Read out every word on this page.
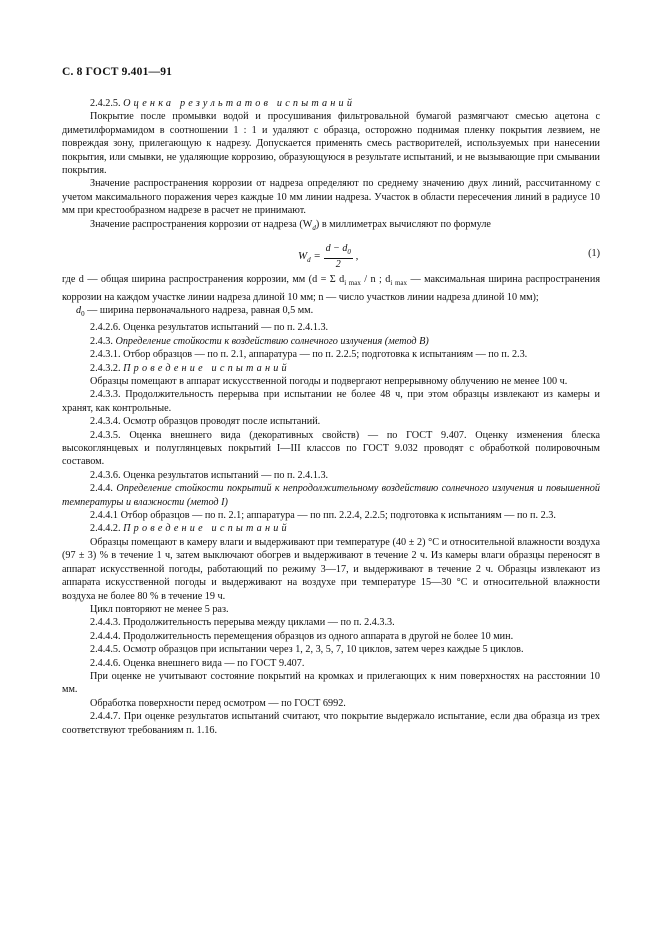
С. 8 ГОСТ 9.401—91

2.4.2.5. Оценка результатов испытаний

Покрытие после промывки водой и просушивания фильтровальной бумагой размягчают смесью ацетона с диметилформамидом в соотношении 1 : 1 и удаляют с образца, осторожно поднимая пленку покрытия лезвием, не повреждая зону, прилегающую к надрезу. Допускается применять смесь растворителей, используемых при нанесении покрытия, или смывки, не удаляющие коррозию, образующуюся в результате испытаний, и не вызывающие при смывании покрытия.

Значение распространения коррозии от надреза определяют по среднему значению двух линий, рассчитанному с учетом максимального поражения через каждые 10 мм линии надреза. Участок в области пересечения линий в радиусе 10 мм при крестообразном надрезе в расчет не принимают.

Значение распространения коррозии от надреза $(W_d)$ в миллиметрах вычисляют по формуле

$W_d = \frac{d - d_0}{2}$ ,	(1)

где d — общая ширина распространения коррозии, мм (d = Σ $d_{i max}$ / n ; $d_{i max}$ — максимальная ширина распространения коррозии на каждом участке линии надреза длиной 10 мм; n — число участков линии надреза длиной 10 мм);

$d_0$ — ширина первоначального надреза, равная 0,5 мм.

2.4.2.6. Оценка результатов испытаний — по п. 2.4.1.3.

2.4.3. Определение стойкости к воздействию солнечного излучения (метод В)

2.4.3.1. Отбор образцов — по п. 2.1, аппаратура — по п. 2.2.5; подготовка к испытаниям — по п. 2.3.

2.4.3.2. Проведение испытаний

Образцы помещают в аппарат искусственной погоды и подвергают непрерывному облучению не менее 100 ч.

2.4.3.3. Продолжительность перерыва при испытании не более 48 ч, при этом образцы извлекают из камеры и хранят, как контрольные.

2.4.3.4. Осмотр образцов проводят после испытаний.

2.4.3.5. Оценка внешнего вида (декоративных свойств) — по ГОСТ 9.407. Оценку изменения блеска высокоглянцевых и полуглянцевых покрытий I—III классов по ГОСТ 9.032 проводят с обработкой полировочным составом.

2.4.3.6. Оценка результатов испытаний — по п. 2.4.1.3.

2.4.4. Определение стойкости покрытий к непродолжительному воздействию солнечного излучения и повышенной температуры и влажности (метод I)

2.4.4.1 Отбор образцов — по п. 2.1; аппаратура — по пп. 2.2.4, 2.2.5; подготовка к испытаниям — по п. 2.3.

2.4.4.2. Проведение испытаний

Образцы помещают в камеру влаги и выдерживают при температуре (40 ± 2) °С и относительной влажности воздуха (97 ± 3) % в течение 1 ч, затем выключают обогрев и выдерживают в течение 2 ч. Из камеры влаги образцы переносят в аппарат искусственной погоды, работающий по режиму 3—17, и выдерживают в течение 2 ч. Образцы извлекают из аппарата искусственной погоды и выдерживают на воздухе при температуре 15—30 °С и относительной влажности воздуха не более 80 % в течение 19 ч.

Цикл повторяют не менее 5 раз.

2.4.4.3. Продолжительность перерыва между циклами — по п. 2.4.3.3.

2.4.4.4. Продолжительность перемещения образцов из одного аппарата в другой не более 10 мин.

2.4.4.5. Осмотр образцов при испытании через 1, 2, 3, 5, 7, 10 циклов, затем через каждые 5 циклов.

2.4.4.6. Оценка внешнего вида — по ГОСТ 9.407.

При оценке не учитывают состояние покрытий на кромках и прилегающих к ним поверхностях на расстоянии 10 мм.

Обработка поверхности перед осмотром — по ГОСТ 6992.

2.4.4.7. При оценке результатов испытаний считают, что покрытие выдержало испытание, если два образца из трех соответствуют требованиям п. 1.16.
